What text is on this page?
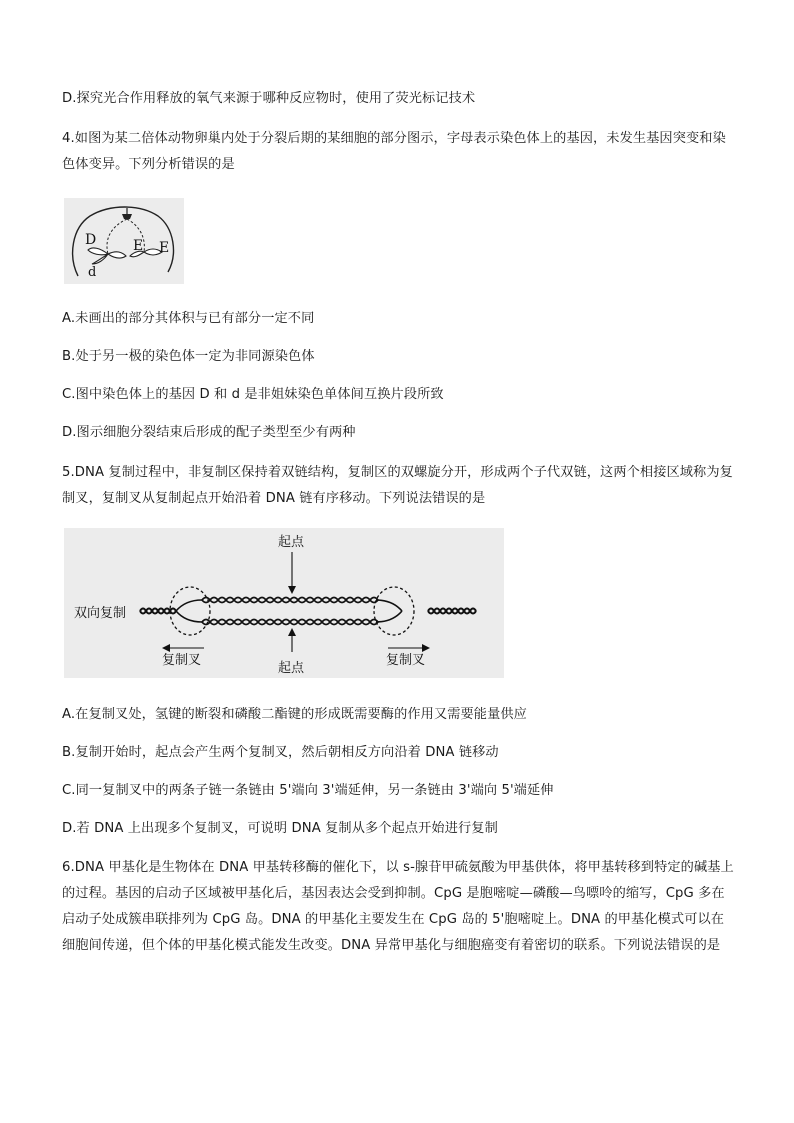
D.探究光合作用释放的氧气来源于哪种反应物时，使用了荧光标记技术
4.如图为某二倍体动物卵巢内处于分裂后期的某细胞的部分图示，字母表示染色体上的基因，未发生基因突变和染色体变异。下列分析错误的是
D
d
E E
A.未画出的部分其体积与已有部分一定不同
B.处于另一极的染色体一定为非同源染色体
C.图中染色体上的基因 D 和 d 是非姐妹染色单体间互换片段所致
D.图示细胞分裂结束后形成的配子类型至少有两种
5.DNA 复制过程中，非复制区保持着双链结构，复制区的双螺旋分开，形成两个子代双链，这两个相接区域称为复制叉，复制叉从复制起点开始沿着 DNA 链有序移动。下列说法错误的是
起点
起点
双向复制
复制叉	复制叉
A.在复制叉处，氢键的断裂和磷酸二酯键的形成既需要酶的作用又需要能量供应
B.复制开始时，起点会产生两个复制叉，然后朝相反方向沿着 DNA 链移动
C.同一复制叉中的两条子链一条链由 5'端向 3'端延伸，另一条链由 3'端向 5'端延伸
D.若 DNA 上出现多个复制叉，可说明 DNA 复制从多个起点开始进行复制
6.DNA 甲基化是生物体在 DNA 甲基转移酶的催化下，以 s-腺苷甲硫氨酸为甲基供体，将甲基转移到特定的碱基上的过程。基因的启动子区域被甲基化后，基因表达会受到抑制。CpG 是胞嘧啶—磷酸—鸟嘌呤的缩写，CpG 多在启动子处成簇串联排列为 CpG 岛。DNA 的甲基化主要发生在 CpG 岛的 5'胞嘧啶上。DNA 的甲基化模式可以在细胞间传递，但个体的甲基化模式能发生改变。DNA 异常甲基化与细胞癌变有着密切的联系。下列说法错误的是
